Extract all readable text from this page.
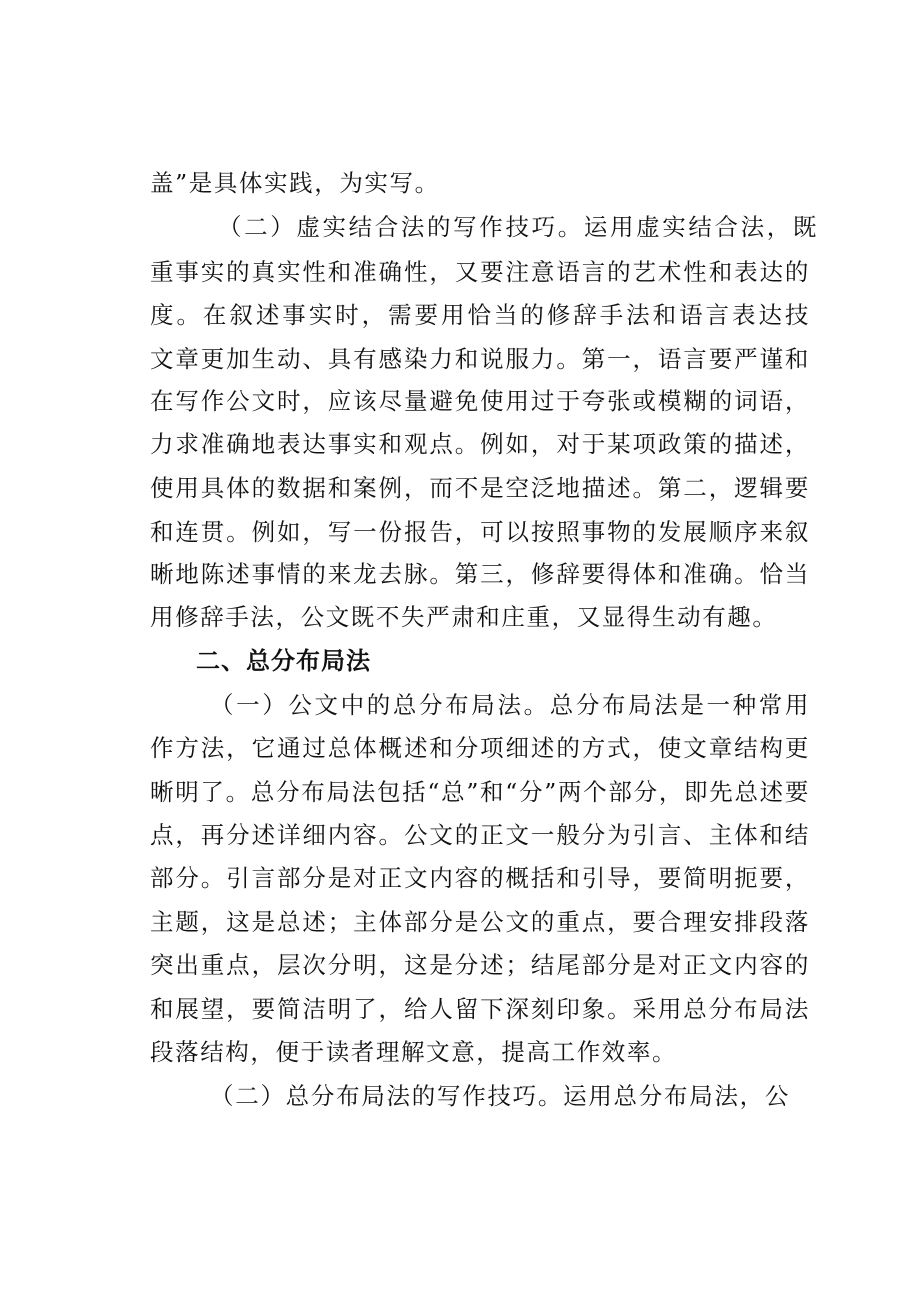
盖”是具体实践，为实写。
（二）虚实结合法的写作技巧。运用虚实结合法，既
重事实的真实性和准确性，又要注意语言的艺术性和表达的
度。在叙述事实时，需要用恰当的修辞手法和语言表达技
文章更加生动、具有感染力和说服力。第一，语言要严谨和
在写作公文时，应该尽量避免使用过于夸张或模糊的词语，
力求准确地表达事实和观点。例如，对于某项政策的描述，
使用具体的数据和案例，而不是空泛地描述。第二，逻辑要
和连贯。例如，写一份报告，可以按照事物的发展顺序来叙
晰地陈述事情的来龙去脉。第三，修辞要得体和准确。恰当
用修辞手法，公文既不失严肃和庄重，又显得生动有趣。
二、总分布局法
（一）公文中的总分布局法。总分布局法是一种常用
作方法，它通过总体概述和分项细述的方式，使文章结构更
晰明了。总分布局法包括“总”和“分”两个部分，即先总述要
点，再分述详细内容。公文的正文一般分为引言、主体和结
部分。引言部分是对正文内容的概括和引导，要简明扼要，
主题，这是总述；主体部分是公文的重点，要合理安排段落
突出重点，层次分明，这是分述；结尾部分是对正文内容的
和展望，要简洁明了，给人留下深刻印象。采用总分布局法
段落结构，便于读者理解文意，提高工作效率。
（二）总分布局法的写作技巧。运用总分布局法，公
